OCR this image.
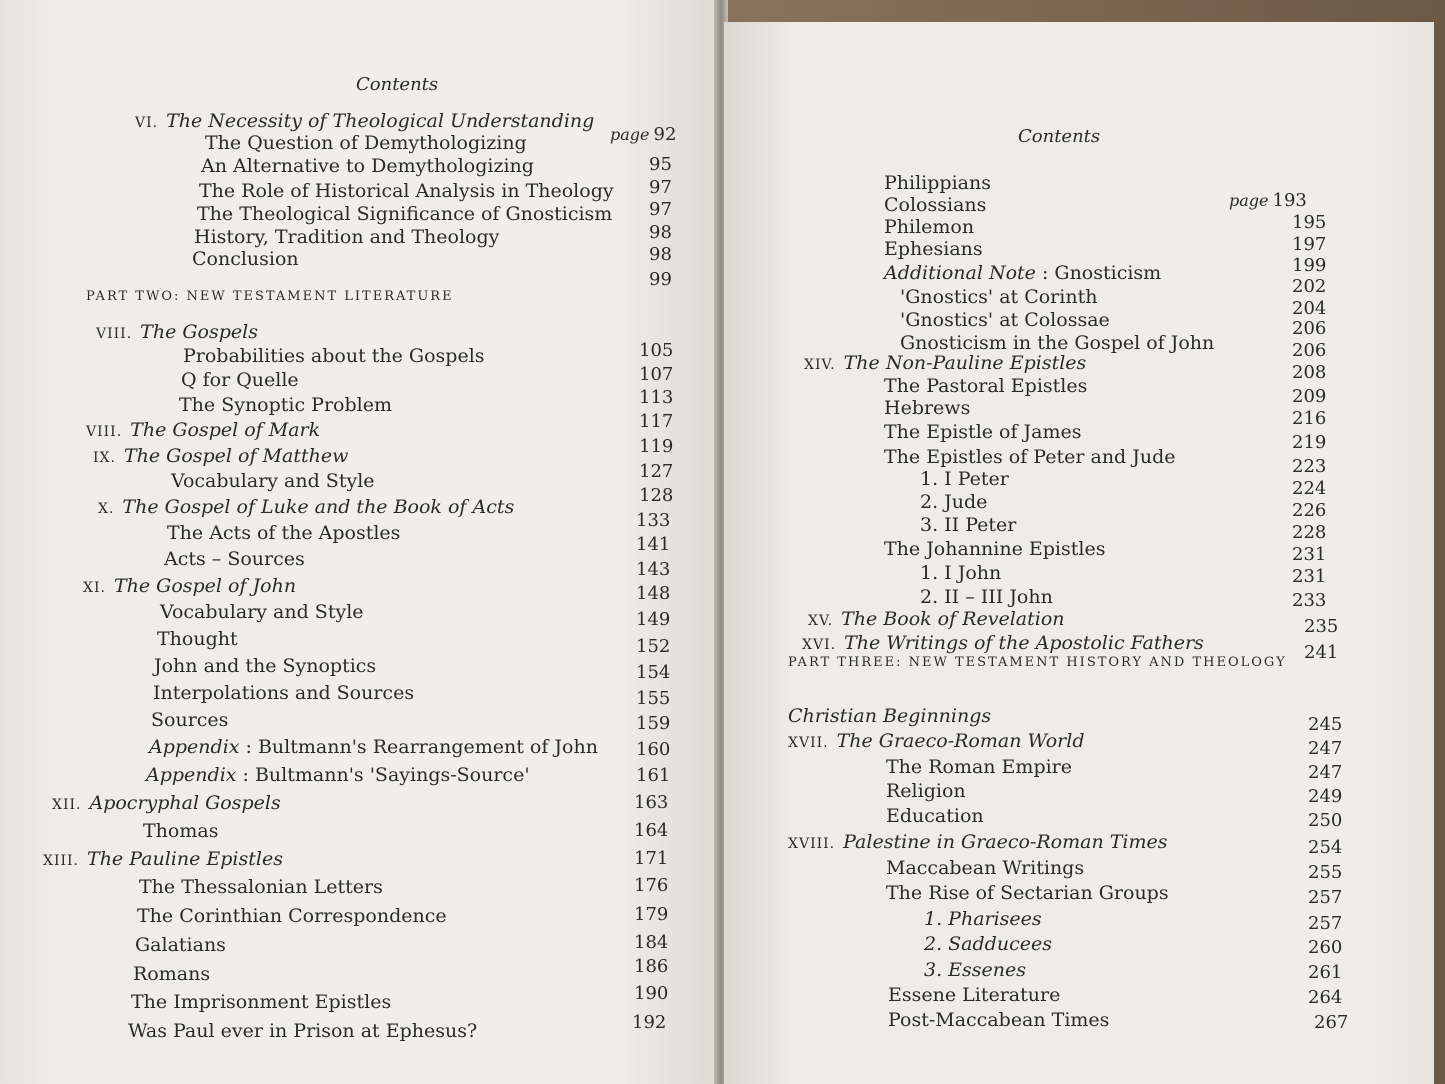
Contents
VI. The Necessity of Theological Understanding
The Question of Demythologizing
An Alternative to Demythologizing
The Role of Historical Analysis in Theology
The Theological Significance of Gnosticism
History, Tradition and Theology
Conclusion
VIII. The Gospels
Probabilities about the Gospels
Q for Quelle
The Synoptic Problem
VIII. The Gospel of Mark
IX. The Gospel of Matthew
Vocabulary and Style
X. The Gospel of Luke and the Book of Acts
The Acts of the Apostles
Acts – Sources
XI. The Gospel of John
Vocabulary and Style
Thought
John and the Synoptics
Interpolations and Sources
Sources
Appendix : Bultmann's Rearrangement of John
Appendix : Bultmann's 'Sayings-Source'
XII. Apocryphal Gospels
Thomas
XIII. The Pauline Epistles
The Thessalonian Letters
The Corinthian Correspondence
Galatians
Romans
The Imprisonment Epistles
Was Paul ever in Prison at Ephesus?
PART TWO: NEW TESTAMENT LITERATURE
page 92
95
97
97
98
98
99
105
107
113
117
119
127
128
133
141
143
148
149
152
154
155
159
160
161
163
164
171
176
179
184
186
190
192
Contents
Philippians
Colossians
Philemon
Ephesians
Additional Note : Gnosticism
'Gnostics' at Corinth
'Gnostics' at Colossae
Gnosticism in the Gospel of John
XIV. The Non-Pauline Epistles
The Pastoral Epistles
Hebrews
The Epistle of James
The Epistles of Peter and Jude
1. I Peter
2. Jude
3. II Peter
The Johannine Epistles
1. I John
2. II – III John
XV. The Book of Revelation
XVI. The Writings of the Apostolic Fathers
Christian Beginnings
XVII. The Graeco-Roman World
The Roman Empire
Religion
Education
XVIII. Palestine in Graeco-Roman Times
Maccabean Writings
The Rise of Sectarian Groups
1. Pharisees
2. Sadducees
3. Essenes
Essene Literature
Post-Maccabean Times
PART THREE: NEW TESTAMENT HISTORY AND THEOLOGY
page 193
195
197
199
202
204
206
206
208
209
216
219
223
224
226
228
231
231
233
235
241
245
247
247
249
250
254
255
257
257
260
261
264
267
